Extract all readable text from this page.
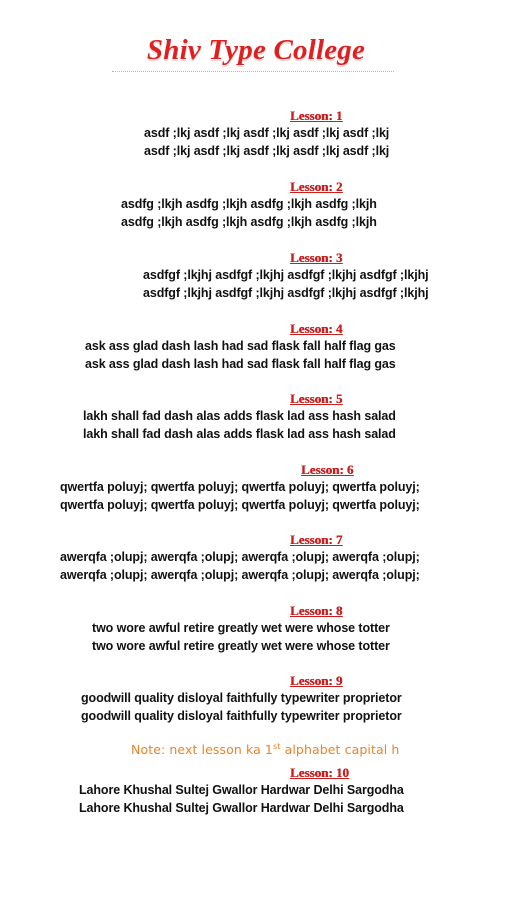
Shiv Type College
Lesson: 1
asdf ;lkj asdf ;lkj asdf ;lkj asdf ;lkj asdf ;lkj
asdf ;lkj asdf ;lkj asdf ;lkj asdf ;lkj asdf ;lkj
Lesson: 2
asdfg ;lkjh asdfg ;lkjh asdfg ;lkjh asdfg ;lkjh
asdfg ;lkjh asdfg ;lkjh asdfg ;lkjh asdfg ;lkjh
Lesson: 3
asdfgf ;lkjhj asdfgf ;lkjhj asdfgf ;lkjhj asdfgf ;lkjhj
asdfgf ;lkjhj asdfgf ;lkjhj asdfgf ;lkjhj asdfgf ;lkjhj
Lesson: 4
ask ass glad dash lash had sad flask fall half flag gas
ask ass glad dash lash had sad flask fall half flag gas
Lesson: 5
lakh shall fad dash alas adds flask lad ass hash salad
lakh shall fad dash alas adds flask lad ass hash salad
Lesson: 6
qwertfa poluyj; qwertfa poluyj; qwertfa poluyj; qwertfa poluyj;
qwertfa poluyj; qwertfa poluyj; qwertfa poluyj; qwertfa poluyj;
Lesson: 7
awerqfa ;olupj; awerqfa ;olupj; awerqfa ;olupj; awerqfa ;olupj;
awerqfa ;olupj; awerqfa ;olupj; awerqfa ;olupj; awerqfa ;olupj;
Lesson: 8
two wore awful retire greatly wet were whose totter
two wore awful retire greatly wet were whose totter
Lesson: 9
goodwill quality disloyal faithfully typewriter proprietor
goodwill quality disloyal faithfully typewriter proprietor
Note: next lesson ka 1st alphabet capital h
Lesson: 10
Lahore Khushal Sultej Gwallor Hardwar Delhi Sargodha
Lahore Khushal Sultej Gwallor Hardwar Delhi Sargodha
